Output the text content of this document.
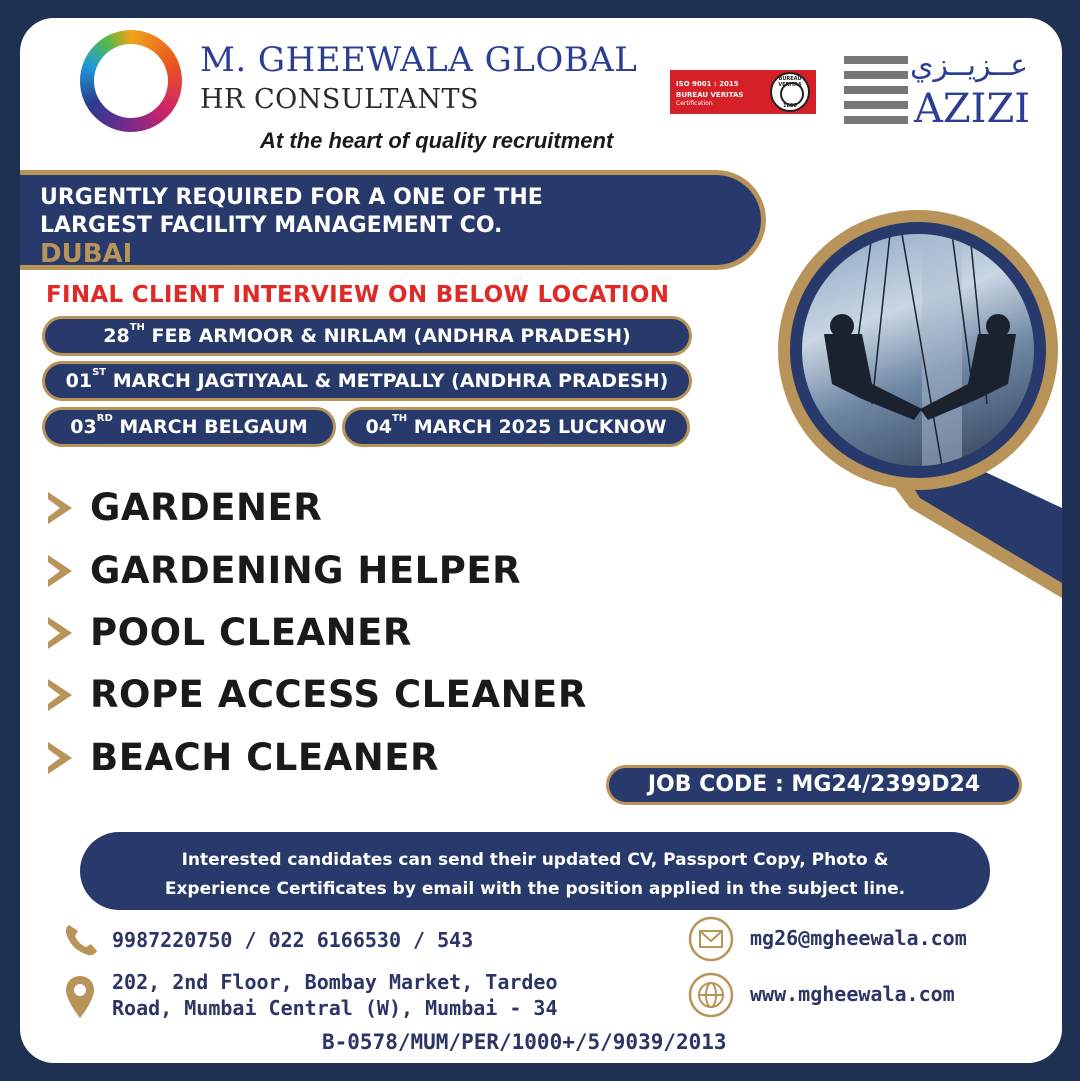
M. GHEEWALA GLOBAL
HR CONSULTANTS
At the heart of quality recruitment
ISO 9001 : 2015
BUREAU VERITAS
Certification
BUREAU VERITAS
1828
عــزيــزي
AZIZI
URGENTLY REQUIRED FOR A ONE OF THE
LARGEST FACILITY MANAGEMENT CO.
DUBAI
FINAL CLIENT INTERVIEW ON BELOW LOCATION
28TH FEB ARMOOR & NIRLAM (ANDHRA PRADESH)
01ST MARCH JAGTIYAAL & METPALLY (ANDHRA PRADESH)
03RD MARCH BELGAUM	04TH MARCH 2025 LUCKNOW
GARDENER
GARDENING HELPER
POOL CLEANER
ROPE ACCESS CLEANER
BEACH CLEANER
JOB CODE : MG24/2399D24
Interested candidates can send their updated CV, Passport Copy, Photo &
Experience Certificates by email with the position applied in the subject line.
9987220750 / 022 6166530 / 543
202, 2nd Floor, Bombay Market, Tardeo
Road, Mumbai Central (W), Mumbai - 34
mg26@mgheewala.com
www.mgheewala.com
B-0578/MUM/PER/1000+/5/9039/2013
